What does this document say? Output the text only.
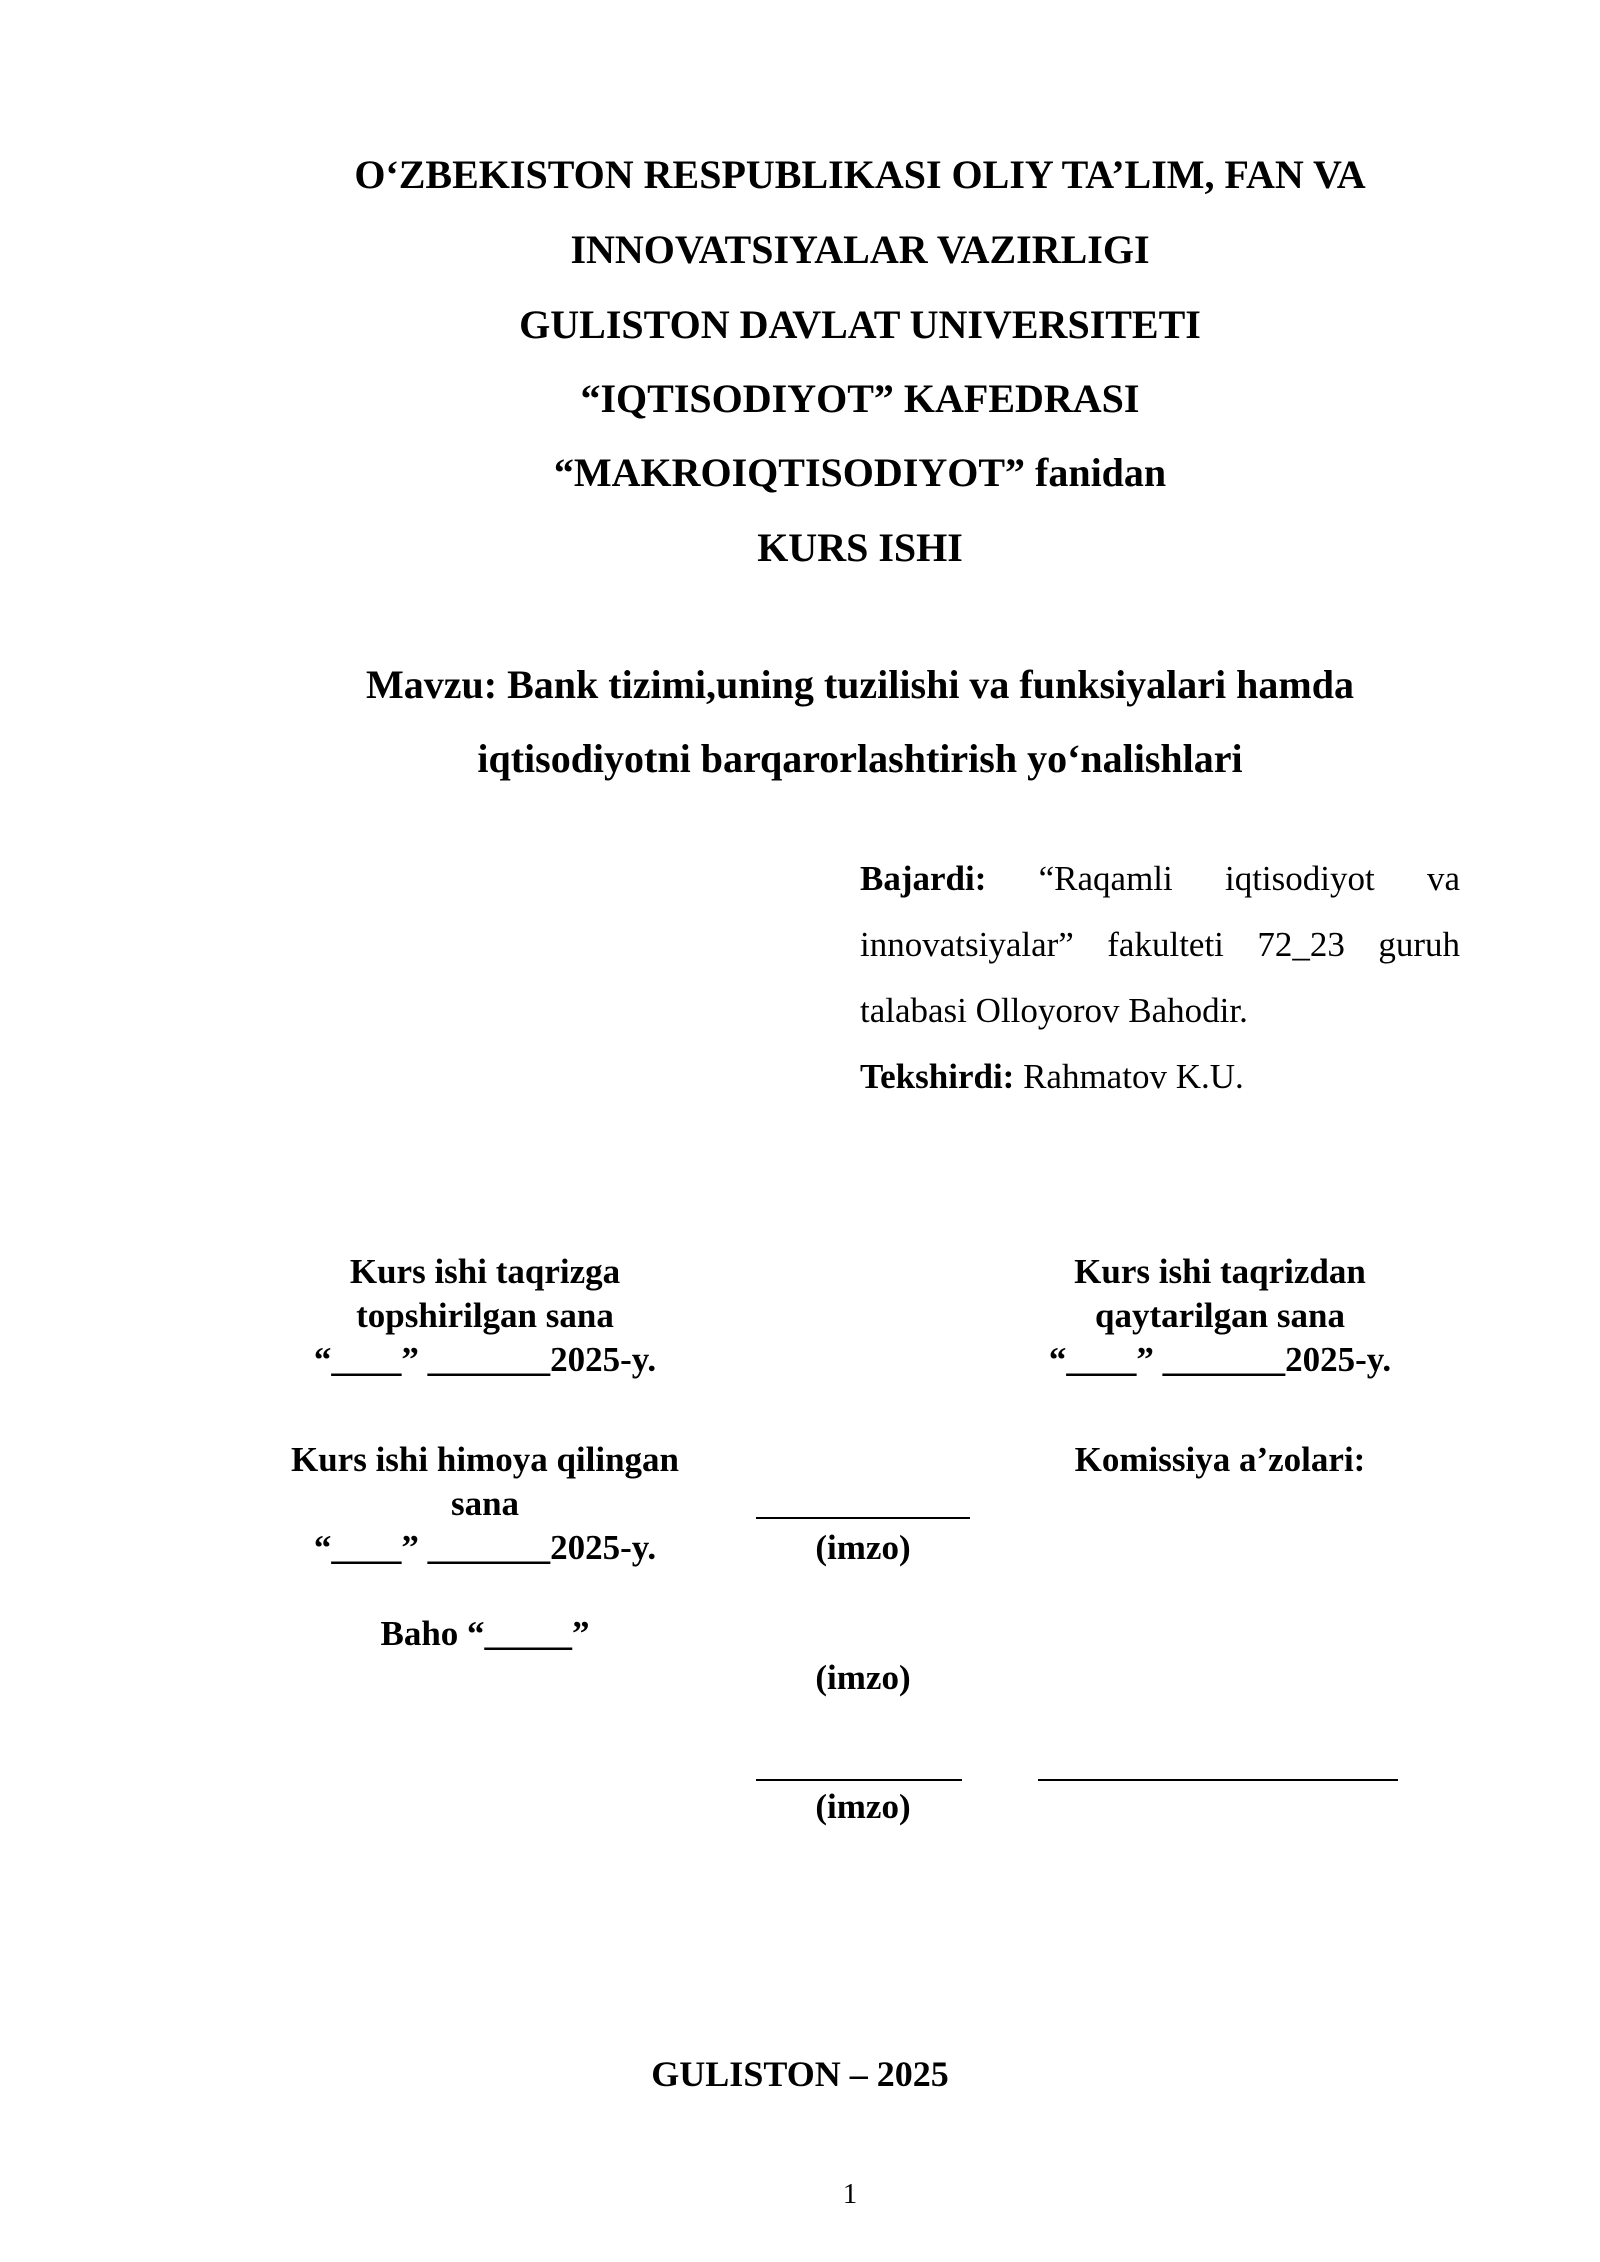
O‘ZBEKISTON RESPUBLIKASI OLIY TA’LIM, FAN VA
INNOVATSIYALAR VAZIRLIGI
GULISTON DAVLAT UNIVERSITETI
“IQTISODIYOT” KAFEDRASI
“MAKROIQTISODIYOT” fanidan
KURS ISHI
Mavzu: Bank tizimi,uning tuzilishi va funksiyalari hamda
iqtisodiyotni barqarorlashtirish yo‘nalishlari
Bajardi: “Raqamli iqtisodiyot va
innovatsiyalar” fakulteti 72_23 guruh
talabasi Olloyorov Bahodir.
Tekshirdi: Rahmatov K.U.
Kurs ishi taqrizga
topshirilgan sana
“____” _______2025-y.
Kurs ishi taqrizdan
qaytarilgan sana
“____” _______2025-y.
Kurs ishi himoya qilingan
sana
“____” _______2025-y.
Baho “_____”
Komissiya a’zolari:
(imzo)
(imzo)
(imzo)
GULISTON – 2025
1
